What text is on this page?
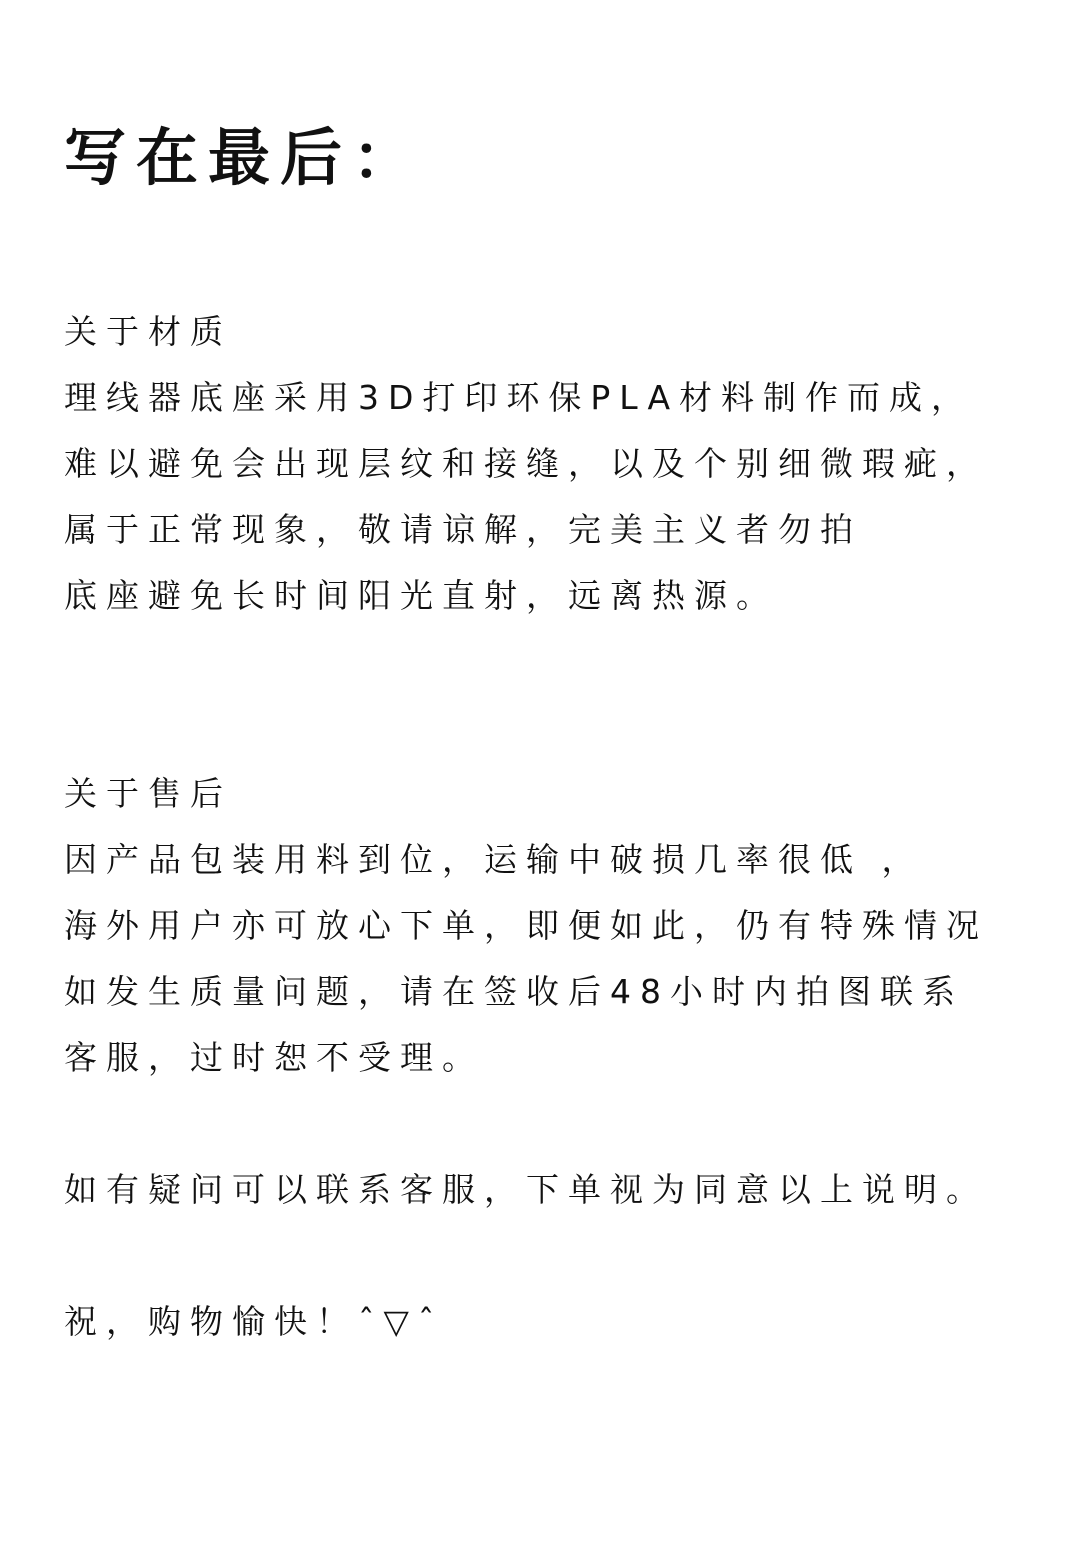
写在最后：

关于材质

理线器底座采用3D打印环保PLA材料制作而成，

难以避免会出现层纹和接缝，以及个别细微瑕疵，

属于正常现象，敬请谅解，完美主义者勿拍

底座避免长时间阳光直射，远离热源。

关于售后

因产品包装用料到位，运输中破损几率很低 ，

海外用户亦可放心下单，即便如此，仍有特殊情况

如发生质量问题，请在签收后48小时内拍图联系

客服，过时恕不受理。

如有疑问可以联系客服，下单视为同意以上说明。

祝，购物愉快！ˆ▽ˆ
